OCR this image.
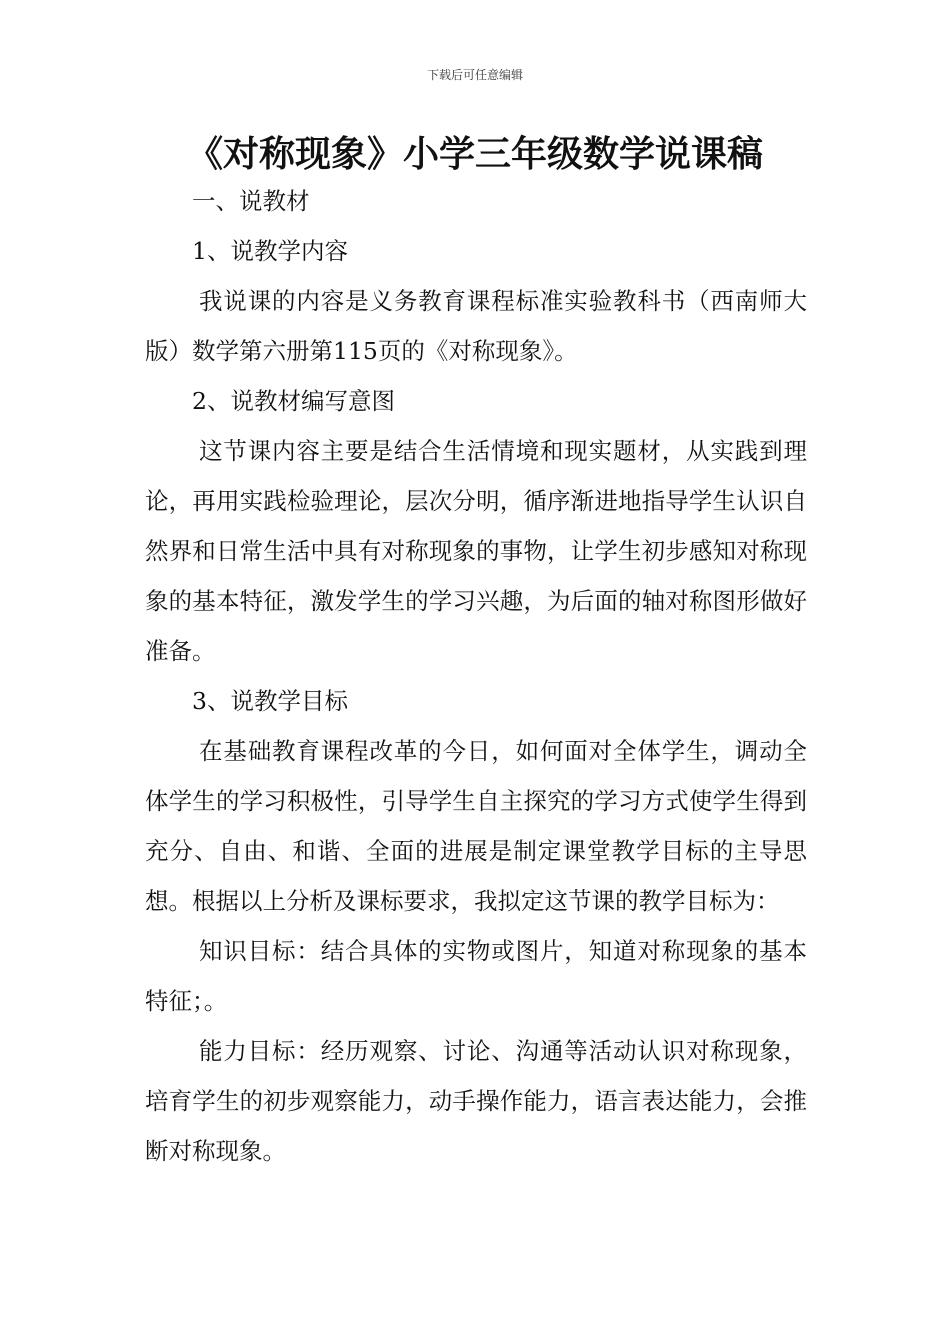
下载后可任意编辑
《对称现象》小学三年级数学说课稿

一、说教材

1、说教学内容

我说课的内容是义务教育课程标准实验教科书（西南师大版）数学第六册第115页的《对称现象》。

2、说教材编写意图

这节课内容主要是结合生活情境和现实题材，从实践到理论，再用实践检验理论，层次分明，循序渐进地指导学生认识自然界和日常生活中具有对称现象的事物，让学生初步感知对称现象的基本特征，激发学生的学习兴趣，为后面的轴对称图形做好准备。

3、说教学目标

在基础教育课程改革的今日，如何面对全体学生，调动全体学生的学习积极性，引导学生自主探究的学习方式使学生得到充分、自由、和谐、全面的进展是制定课堂教学目标的主导思想。根据以上分析及课标要求，我拟定这节课的教学目标为：

知识目标：结合具体的实物或图片，知道对称现象的基本特征；。

能力目标：经历观察、讨论、沟通等活动认识对称现象，培育学生的初步观察能力，动手操作能力，语言表达能力，会推断对称现象。
